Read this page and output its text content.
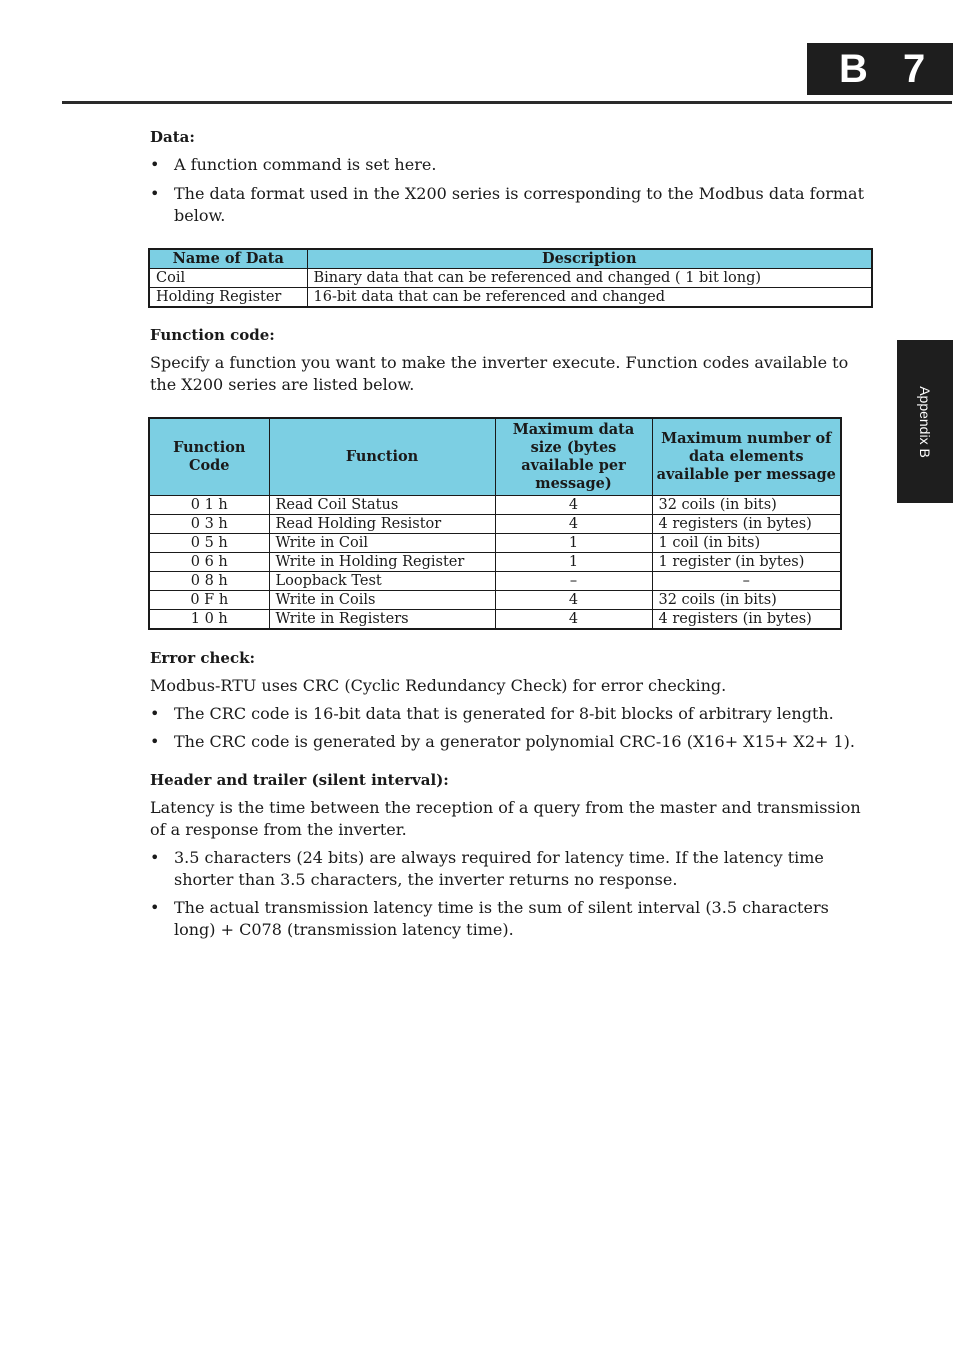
B 7
Appendix B
Data:
• A function command is set here.
• The data format used in the X200 series is corresponding to the Modbus data format below.
Name of Data	Description
Coil	Binary data that can be referenced and changed ( 1 bit long)
Holding Register	16-bit data that can be referenced and changed
Function code:

Specify a function you want to make the inverter execute. Function codes available to the X200 series are listed below.

Function Code	Function	Maximum data size (bytes available per message)	Maximum number of data elements available per message
0 1 h	Read Coil Status	4	32 coils (in bits)
0 3 h	Read Holding Resistor	4	4 registers (in bytes)
0 5 h	Write in Coil	1	1 coil (in bits)
0 6 h	Write in Holding Register	1	1 register (in bytes)
0 8 h	Loopback Test	–	–
0 F h	Write in Coils	4	32 coils (in bits)
1 0 h	Write in Registers	4	4 registers (in bytes)
Error check:

Modbus-RTU uses CRC (Cyclic Redundancy Check) for error checking.

• The CRC code is 16-bit data that is generated for 8-bit blocks of arbitrary length.
• The CRC code is generated by a generator polynomial CRC-16 (X16+ X15+ X2+ 1).
Header and trailer (silent interval):

Latency is the time between the reception of a query from the master and transmission of a response from the inverter.

• 3.5 characters (24 bits) are always required for latency time. If the latency time shorter than 3.5 characters, the inverter returns no response.
• The actual transmission latency time is the sum of silent interval (3.5 characters long) + C078 (transmission latency time).
